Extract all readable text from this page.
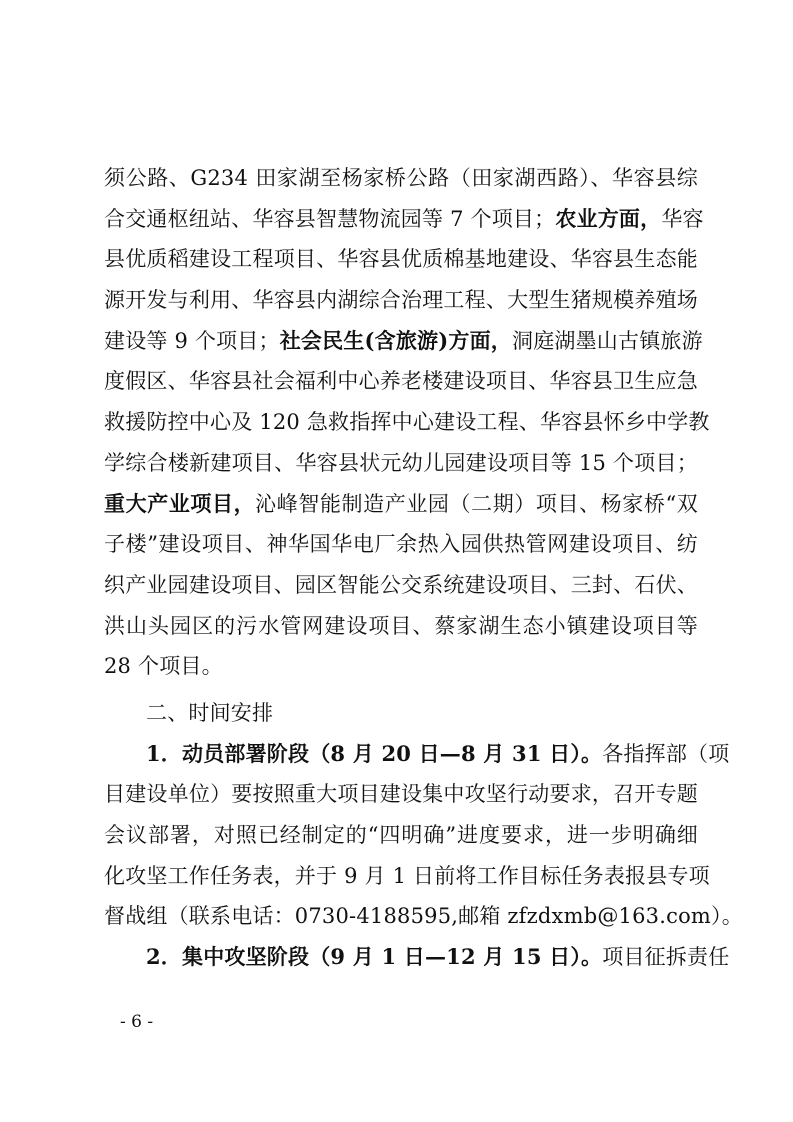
须公路、G234 田家湖至杨家桥公路（田家湖西路）、华容县综
合交通枢纽站、华容县智慧物流园等 7 个项目；农业方面，华容
县优质稻建设工程项目、华容县优质棉基地建设、华容县生态能
源开发与利用、华容县内湖综合治理工程、大型生猪规模养殖场
建设等 9 个项目；社会民生(含旅游)方面，洞庭湖墨山古镇旅游
度假区、华容县社会福利中心养老楼建设项目、华容县卫生应急
救援防控中心及 120 急救指挥中心建设工程、华容县怀乡中学教
学综合楼新建项目、华容县状元幼儿园建设项目等 15 个项目；
重大产业项目，沁峰智能制造产业园（二期）项目、杨家桥“双
子楼”建设项目、神华国华电厂余热入园供热管网建设项目、纺
织产业园建设项目、园区智能公交系统建设项目、三封、石伏、
洪山头园区的污水管网建设项目、蔡家湖生态小镇建设项目等
28 个项目。
二、时间安排
1．动员部署阶段（8 月 20 日—8 月 31 日）。各指挥部（项
目建设单位）要按照重大项目建设集中攻坚行动要求，召开专题
会议部署，对照已经制定的“四明确”进度要求，进一步明确细
化攻坚工作任务表，并于 9 月 1 日前将工作目标任务表报县专项
督战组（联系电话：0730-4188595,邮箱 zfzdxmb@163.com）。
2．集中攻坚阶段（9 月 1 日—12 月 15 日）。项目征拆责任
- 6 -
